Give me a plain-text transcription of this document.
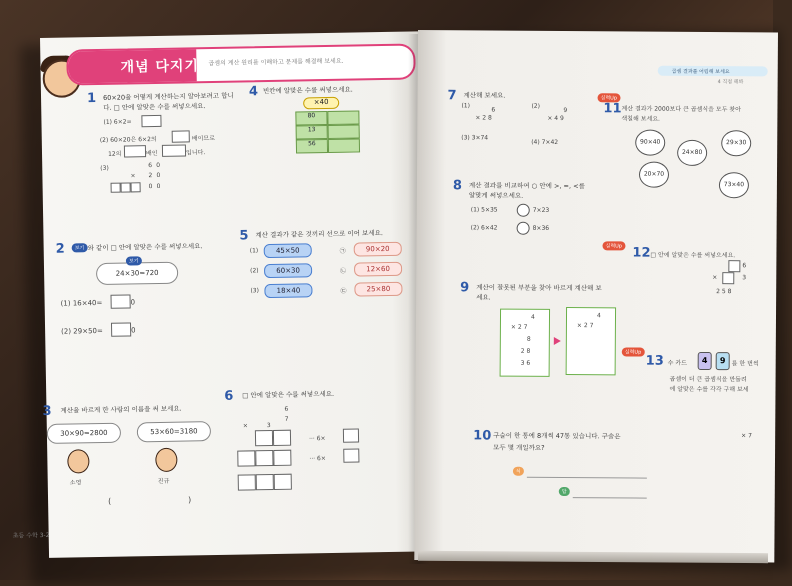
개념 다지기 문제
곱셈의 계산 원리를 이해하고 문제를 해결해 보세요.
1 60×20을 어떻게 계산하는지 알아보려고 합니
다. □ 안에 알맞은 수를 써넣으세요.
(1) 6×2=
(2) 60×20은 6×2의	배이므로
12의	배인	입니다.
(3)	6 0
× 2 0
0 0
4 빈칸에 알맞은 수를 써넣으세요.
×40
80
13
56
2	보기 와 같이 □ 안에 알맞은 수를 써넣으세요.
24×30=720
보기
(1) 16×40=	0
(2) 29×50=	0
5 계산 결과가 같은 것끼리 선으로 이어 보세요.
(1)	45×50	㉠	90×20
(2)	60×30	㉡	12×60
(3)	18×40	㉢	25×80
3 계산을 바르게 한 사람의 이름을 써 보세요.
30×90=2800	53×60=3180
소영	진규
(	)
6 □ 안에 알맞은 수를 써넣으세요.
6
7
×	3
··· 6×
··· 6×
초등 수학 3-2
곱셈 결과를 어림해 보세요
4 직접 해봐
7 계산해 보세요.
(1)
6
× 2 8
(2)
9
× 4 9
(3) 3×74
(4) 7×42
8 계산 결과를 비교하여 ○ 안에 >, =, <를
알맞게 써넣으세요.
(1) 5×35	7×23
(2) 6×42	8×36
9 계산이 잘못된 부분을 찾아 바르게 계산해 보
세요.
4
× 2 7
8
2 8
3 6
4
× 2 7
10 구슬이 한 통에 8개씩 47통 있습니다. 구슬은
모두 몇 개일까요?
식
답
실력Up
11 계산 결과가 2000보다 큰 곱셈식을 모두 찾아
색칠해 보세요.
90×40
24×80
29×30
20×70
73×40
실력Up 12 □ 안에 알맞은 수를 써넣으세요.
6
×	3
2 5 8
실력Up
13 수 카드	4	9	를 한 번씩
곱셈이 더 큰 곱셈식을 만들려
에 알맞은 수를 각각 구해 보세
× 7
